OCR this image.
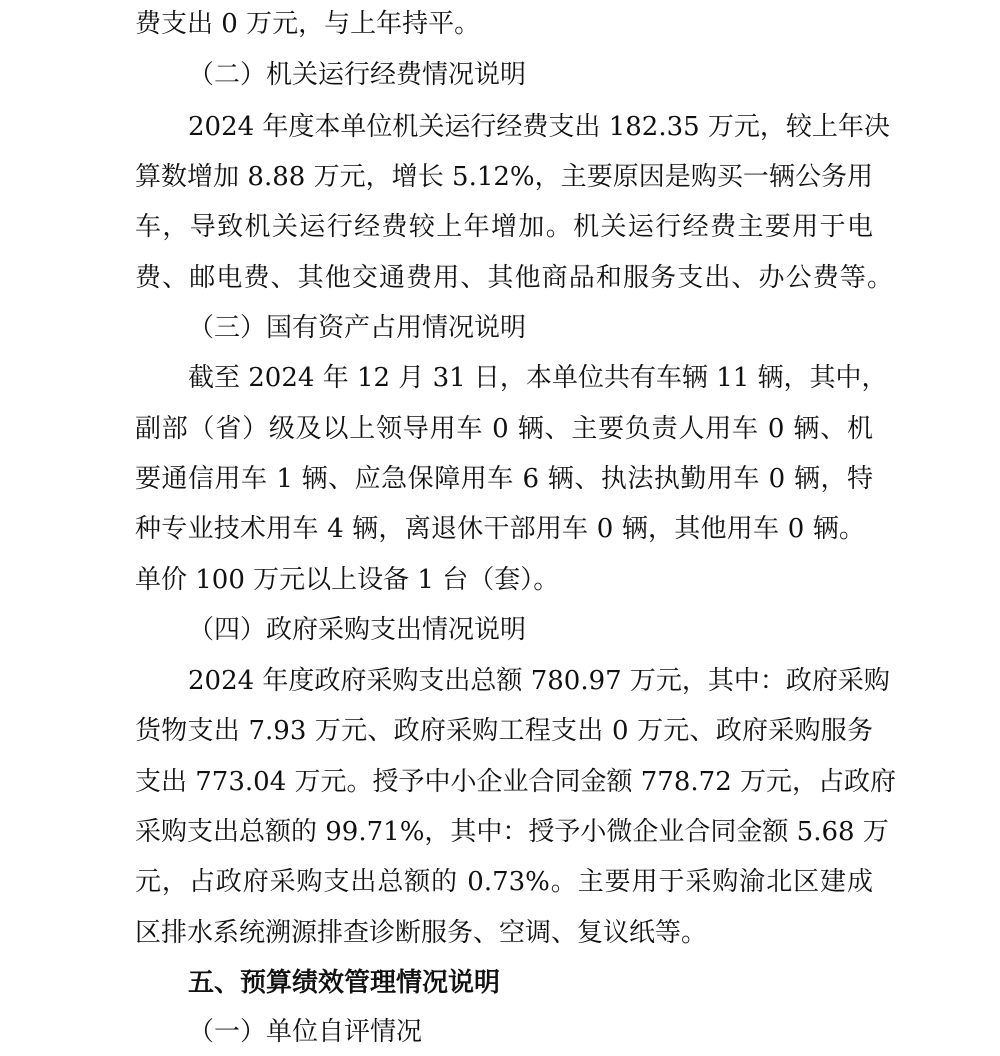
费支出 0 万元，与上年持平。
（二）机关运行经费情况说明
2024 年度本单位机关运行经费支出 182.35 万元，较上年决
算数增加 8.88 万元，增长 5.12%，主要原因是购买一辆公务用
车，导致机关运行经费较上年增加。机关运行经费主要用于电
费、邮电费、其他交通费用、其他商品和服务支出、办公费等。
（三）国有资产占用情况说明
截至 2024 年 12 月 31 日，本单位共有车辆 11 辆，其中，
副部（省）级及以上领导用车 0 辆、主要负责人用车 0 辆、机
要通信用车 1 辆、应急保障用车 6 辆、执法执勤用车 0 辆，特
种专业技术用车 4 辆，离退休干部用车 0 辆，其他用车 0 辆。
单价 100 万元以上设备 1 台（套）。
（四）政府采购支出情况说明
2024 年度政府采购支出总额 780.97 万元，其中：政府采购
货物支出 7.93 万元、政府采购工程支出 0 万元、政府采购服务
支出 773.04 万元。授予中小企业合同金额 778.72 万元，占政府
采购支出总额的 99.71%，其中：授予小微企业合同金额 5.68 万
元，占政府采购支出总额的 0.73%。主要用于采购渝北区建成
区排水系统溯源排查诊断服务、空调、复议纸等。
五、预算绩效管理情况说明
（一）单位自评情况
